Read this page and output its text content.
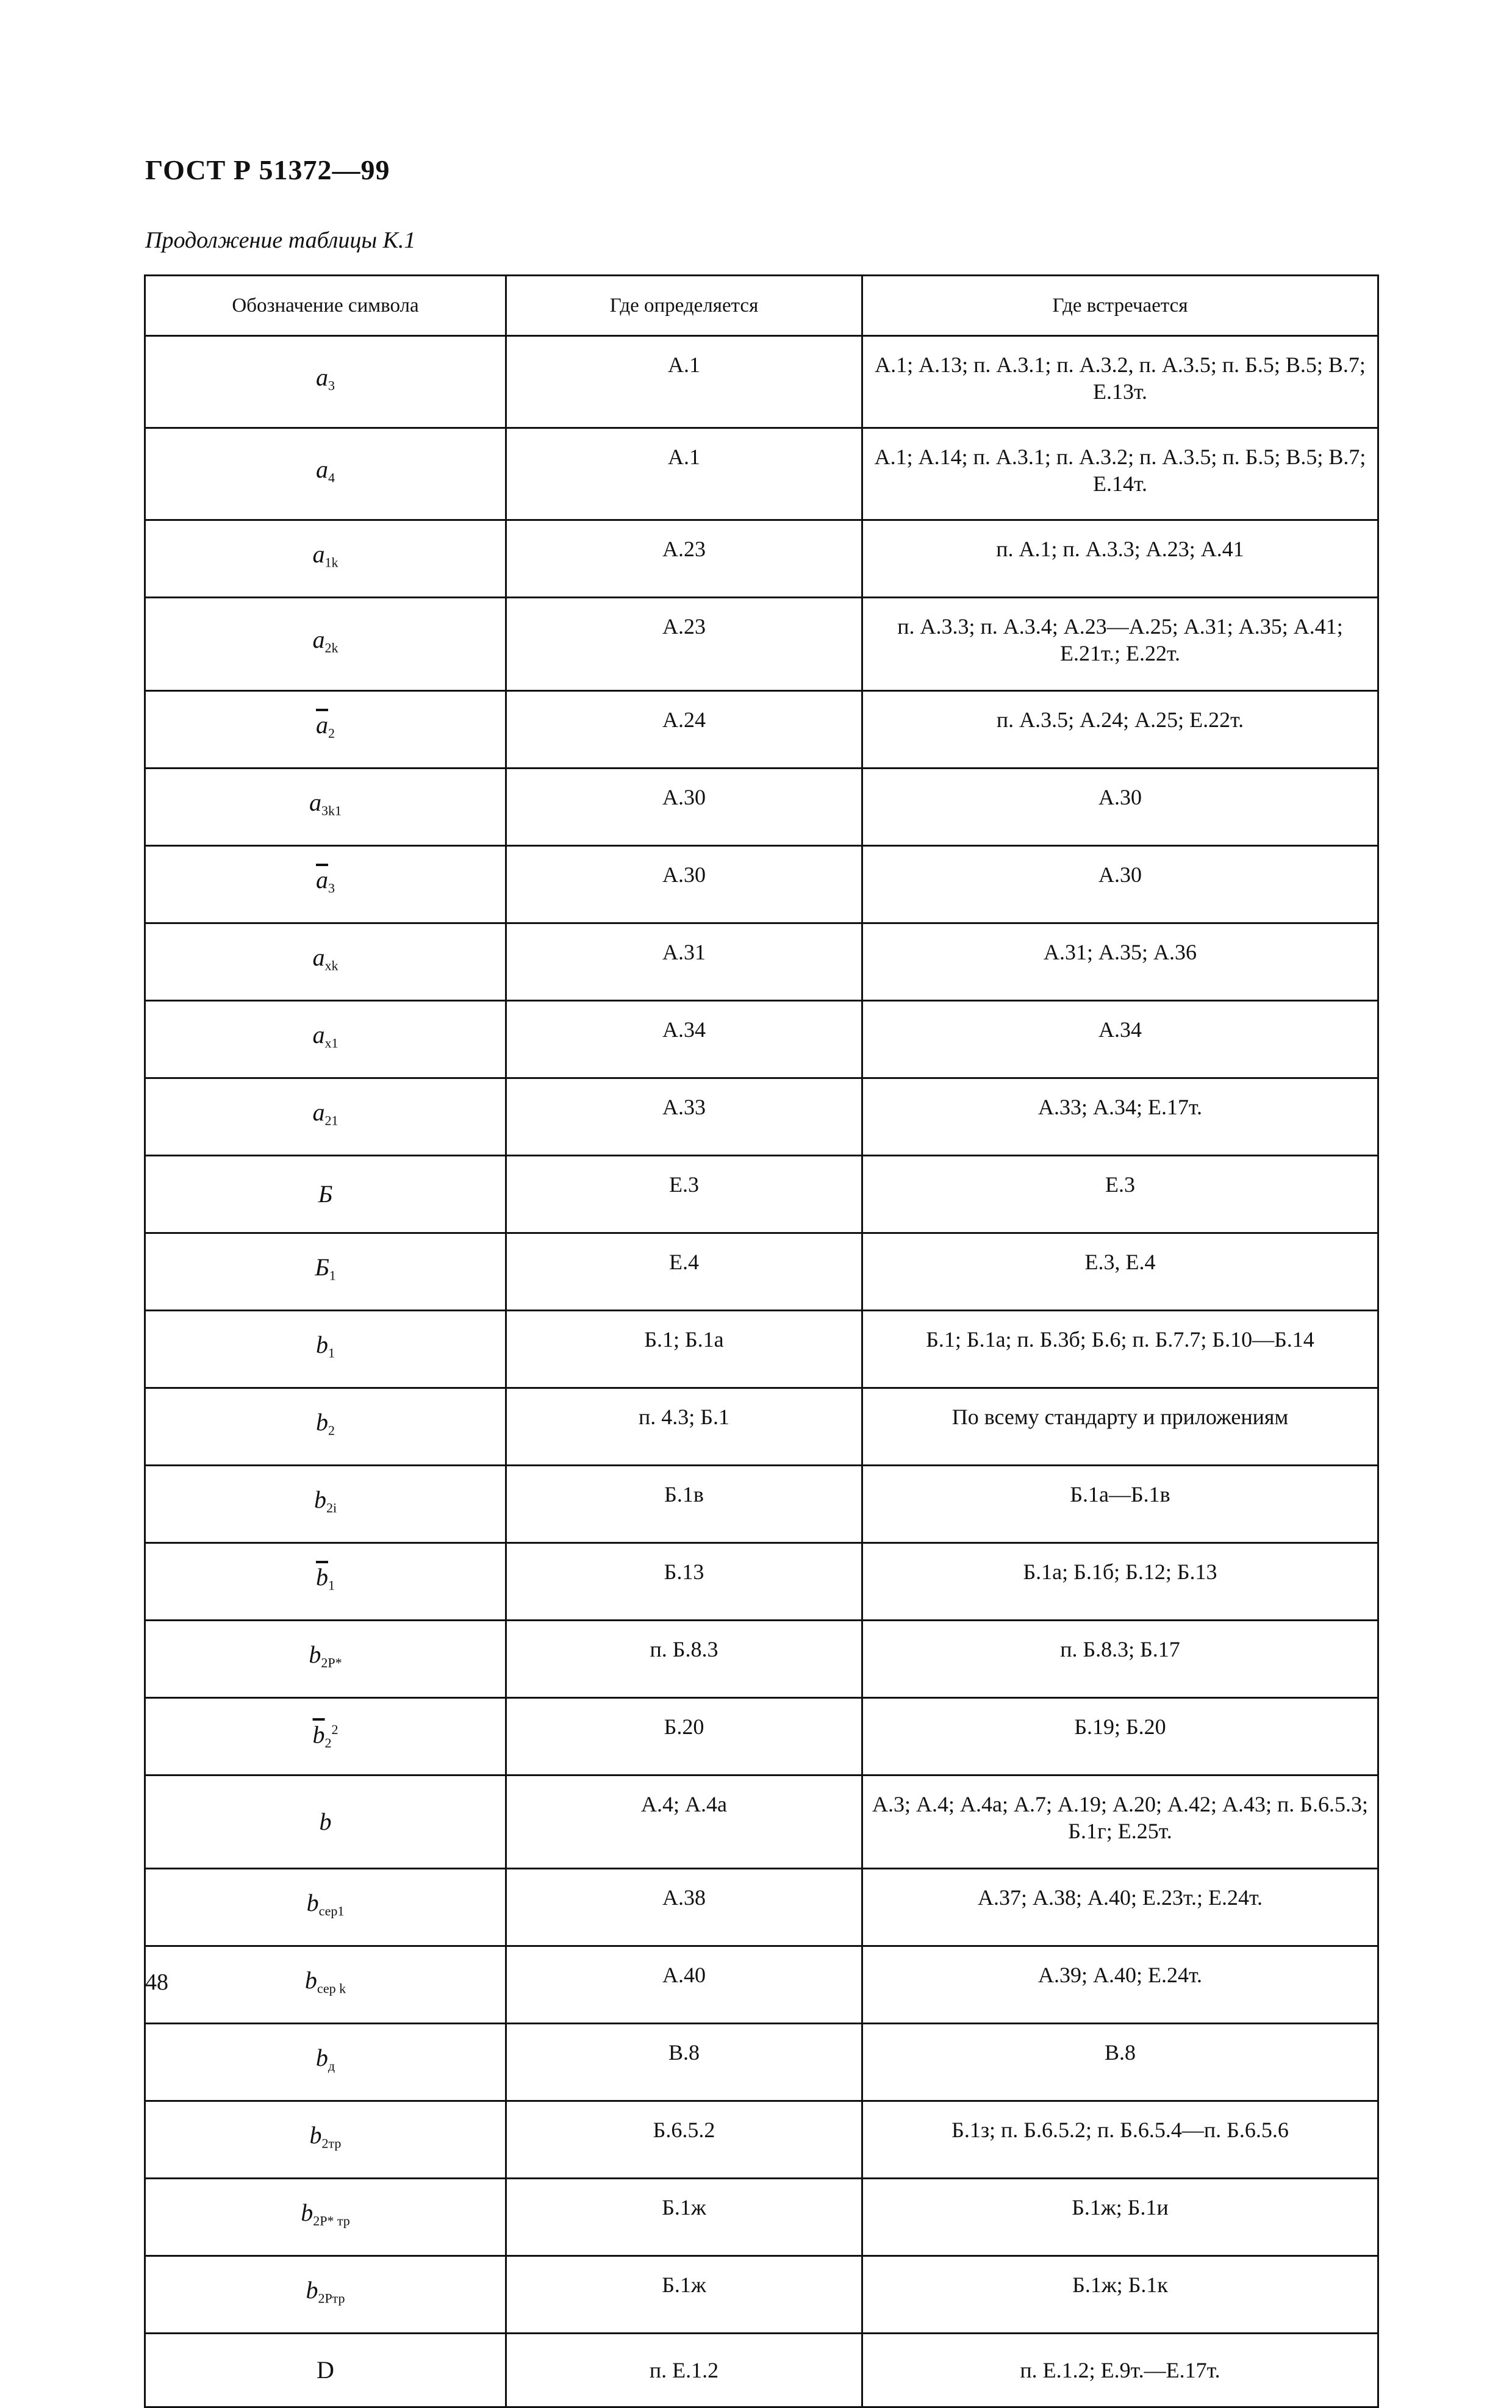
ГОСТ Р 51372—99
Продолжение таблицы К.1
Обозначение символа	Где определяется	Где встречается
$a_3$	А.1	А.1; А.13; п. А.3.1; п. А.3.2, п. А.3.5; п. Б.5; В.5; В.7; Е.13т.
$a_4$	А.1	А.1; А.14; п. А.3.1; п. А.3.2; п. А.3.5; п. Б.5; В.5; В.7; Е.14т.
$a_{1k}$	А.23	п. А.1; п. А.3.3; А.23; А.41
$a_{2k}$	А.23	п. А.3.3; п. А.3.4; А.23—А.25; А.31; А.35; А.41; Е.21т.; Е.22т.
$\overline{a}_2$	А.24	п. А.3.5; А.24; А.25; Е.22т.
$a_{3k1}$	А.30	А.30
$\overline{a}_3$	А.30	А.30
$a_{xk}$	А.31	А.31; А.35; А.36
$a_{x1}$	А.34	А.34
$a_{21}$	А.33	А.33; А.34; Е.17т.
Б	Е.3	Е.3
$Б_1$	Е.4	Е.3, Е.4
$b_1$	Б.1; Б.1а	Б.1; Б.1а; п. Б.3б; Б.6; п. Б.7.7; Б.10—Б.14
$b_2$	п. 4.3; Б.1	По всему стандарту и приложениям
$b_{2i}$	Б.1в	Б.1а—Б.1в
$\overline{b}_1$	Б.13	Б.1а; Б.1б; Б.12; Б.13
$b_{2P*}$	п. Б.8.3	п. Б.8.3; Б.17
$\overline{b}_2^2$	Б.20	Б.19; Б.20
b	А.4; А.4а	А.3; А.4; А.4а; А.7; А.19; А.20; А.42; А.43; п. Б.6.5.3; Б.1г; Е.25т.
$b_{сер1}$	А.38	А.37; А.38; А.40; Е.23т.; Е.24т.
$b_{сер k}$	А.40	А.39; А.40; Е.24т.
$b_д$	В.8	В.8
$b_{2тр}$	Б.6.5.2	Б.1з; п. Б.6.5.2; п. Б.6.5.4—п. Б.6.5.6
$b_{2P* тр}$	Б.1ж	Б.1ж; Б.1и
$b_{2Pтр}$	Б.1ж	Б.1ж; Б.1к
D	п. Е.1.2	п. Е.1.2; Е.9т.—Е.17т.
48
